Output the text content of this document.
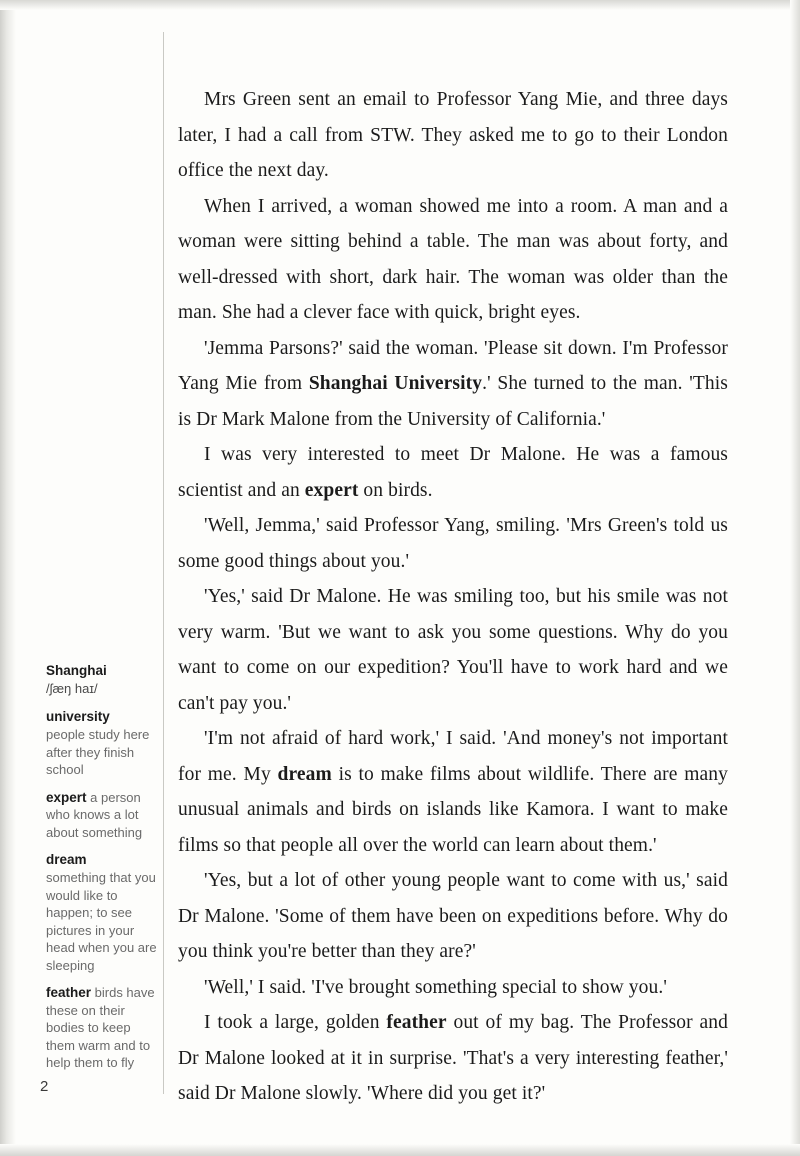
Mrs Green sent an email to Professor Yang Mie, and three days later, I had a call from STW. They asked me to go to their London office the next day.

When I arrived, a woman showed me into a room. A man and a woman were sitting behind a table. The man was about forty, and well-dressed with short, dark hair. The woman was older than the man. She had a clever face with quick, bright eyes.

'Jemma Parsons?' said the woman. 'Please sit down. I'm Professor Yang Mie from Shanghai University.' She turned to the man. 'This is Dr Mark Malone from the University of California.'

I was very interested to meet Dr Malone. He was a famous scientist and an expert on birds.

'Well, Jemma,' said Professor Yang, smiling. 'Mrs Green's told us some good things about you.'

'Yes,' said Dr Malone. He was smiling too, but his smile was not very warm. 'But we want to ask you some questions. Why do you want to come on our expedition? You'll have to work hard and we can't pay you.'

'I'm not afraid of hard work,' I said. 'And money's not important for me. My dream is to make films about wildlife. There are many unusual animals and birds on islands like Kamora. I want to make films so that people all over the world can learn about them.'

'Yes, but a lot of other young people want to come with us,' said Dr Malone. 'Some of them have been on expeditions before. Why do you think you're better than they are?'

'Well,' I said. 'I've brought something special to show you.'

I took a large, golden feather out of my bag. The Professor and Dr Malone looked at it in surprise. 'That's a very interesting feather,' said Dr Malone slowly. 'Where did you get it?'

Shanghai
/ʃæŋ haɪ/
university
people study here after they finish school
expert a person who knows a lot about something
dream
something that you would like to happen; to see pictures in your head when you are sleeping
feather birds have these on their bodies to keep them warm and to help them to fly
2
